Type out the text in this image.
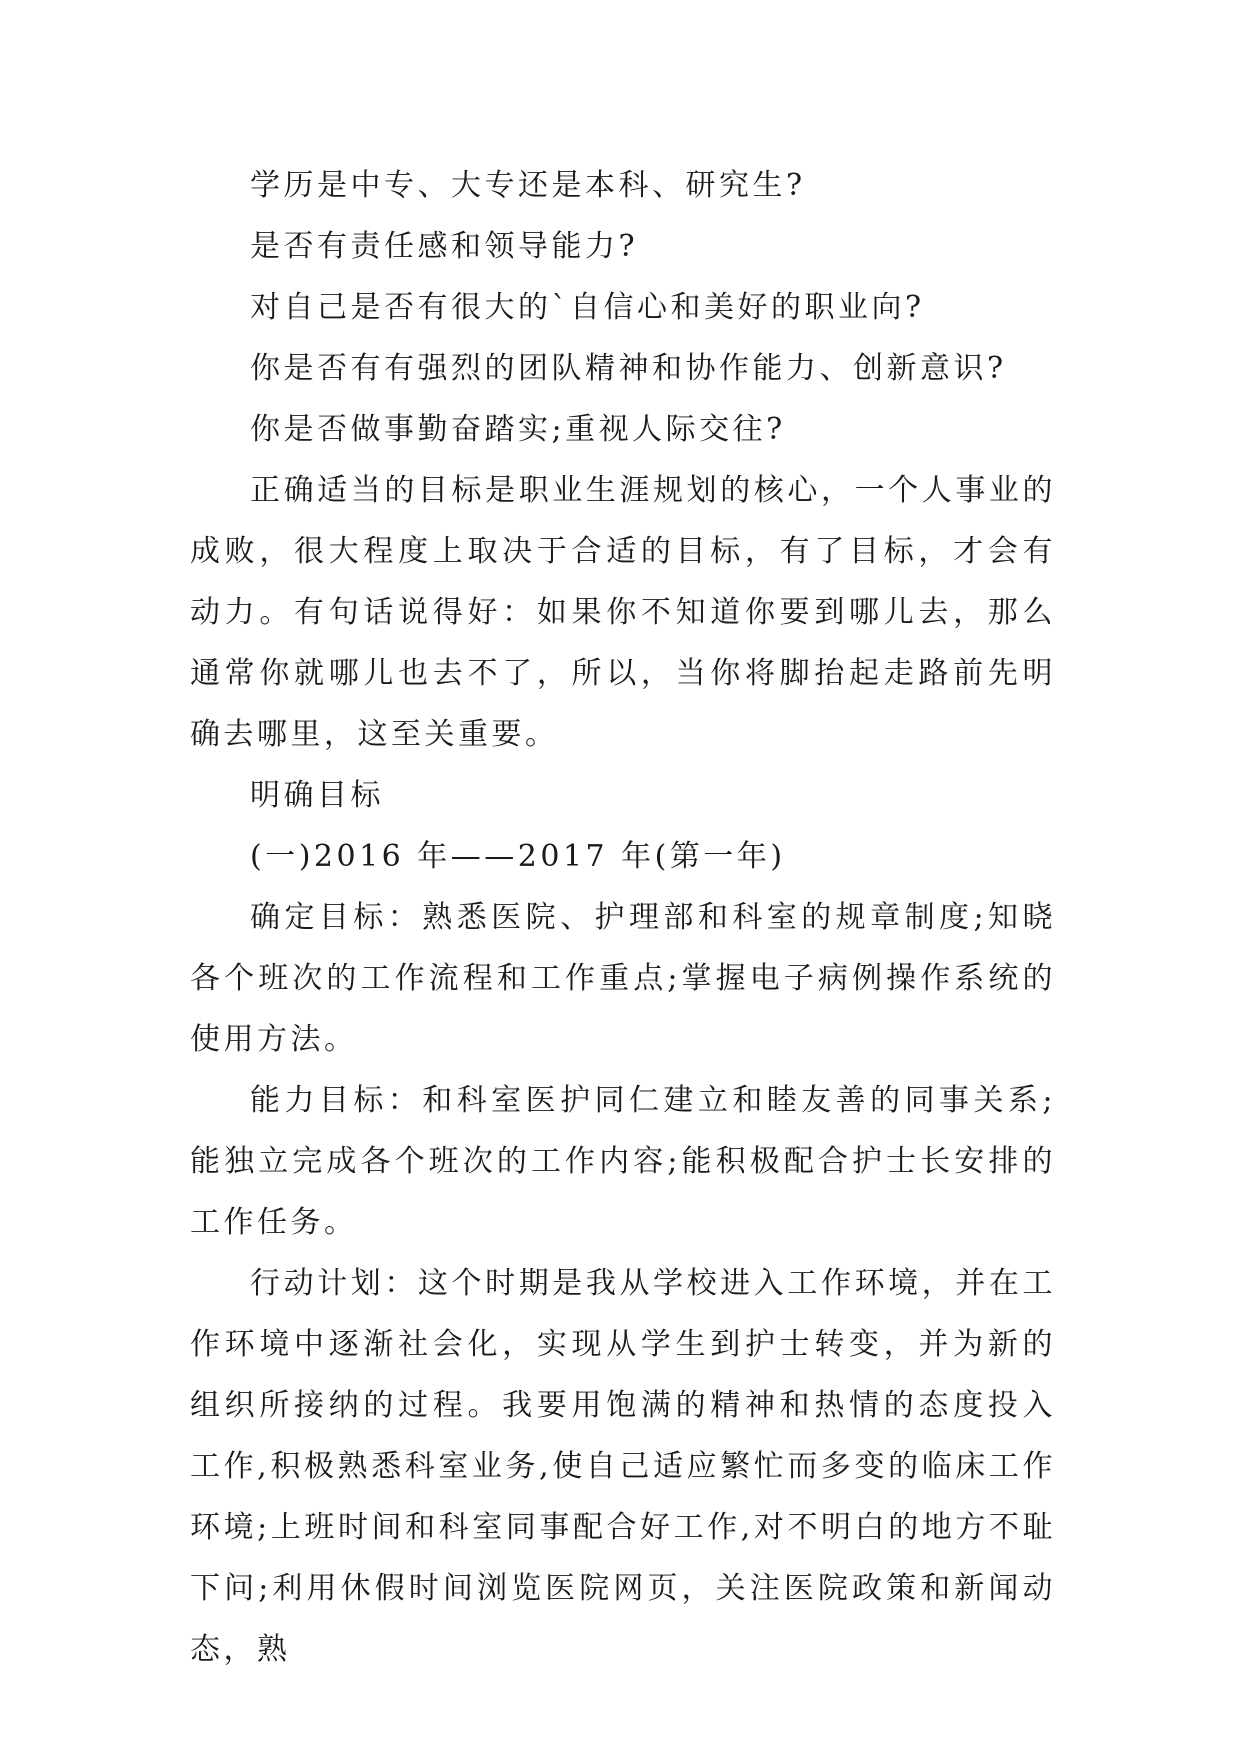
学历是中专、大专还是本科、研究生?

是否有责任感和领导能力?

对自己是否有很大的`自信心和美好的职业向?

你是否有有强烈的团队精神和协作能力、创新意识?

你是否做事勤奋踏实;重视人际交往?

正确适当的目标是职业生涯规划的核心，一个人事业的成败，很大程度上取决于合适的目标，有了目标，才会有动力。有句话说得好：如果你不知道你要到哪儿去，那么通常你就哪儿也去不了，所以，当你将脚抬起走路前先明确去哪里，这至关重要。

明确目标

(一)2016 年——2017 年(第一年)

确定目标：熟悉医院、护理部和科室的规章制度;知晓各个班次的工作流程和工作重点;掌握电子病例操作系统的使用方法。

能力目标：和科室医护同仁建立和睦友善的同事关系;能独立完成各个班次的工作内容;能积极配合护士长安排的工作任务。

行动计划：这个时期是我从学校进入工作环境，并在工作环境中逐渐社会化，实现从学生到护士转变，并为新的组织所接纳的过程。我要用饱满的精神和热情的态度投入工作,积极熟悉科室业务,使自己适应繁忙而多变的临床工作环境;上班时间和科室同事配合好工作,对不明白的地方不耻下问;利用休假时间浏览医院网页，关注医院政策和新闻动态，熟
